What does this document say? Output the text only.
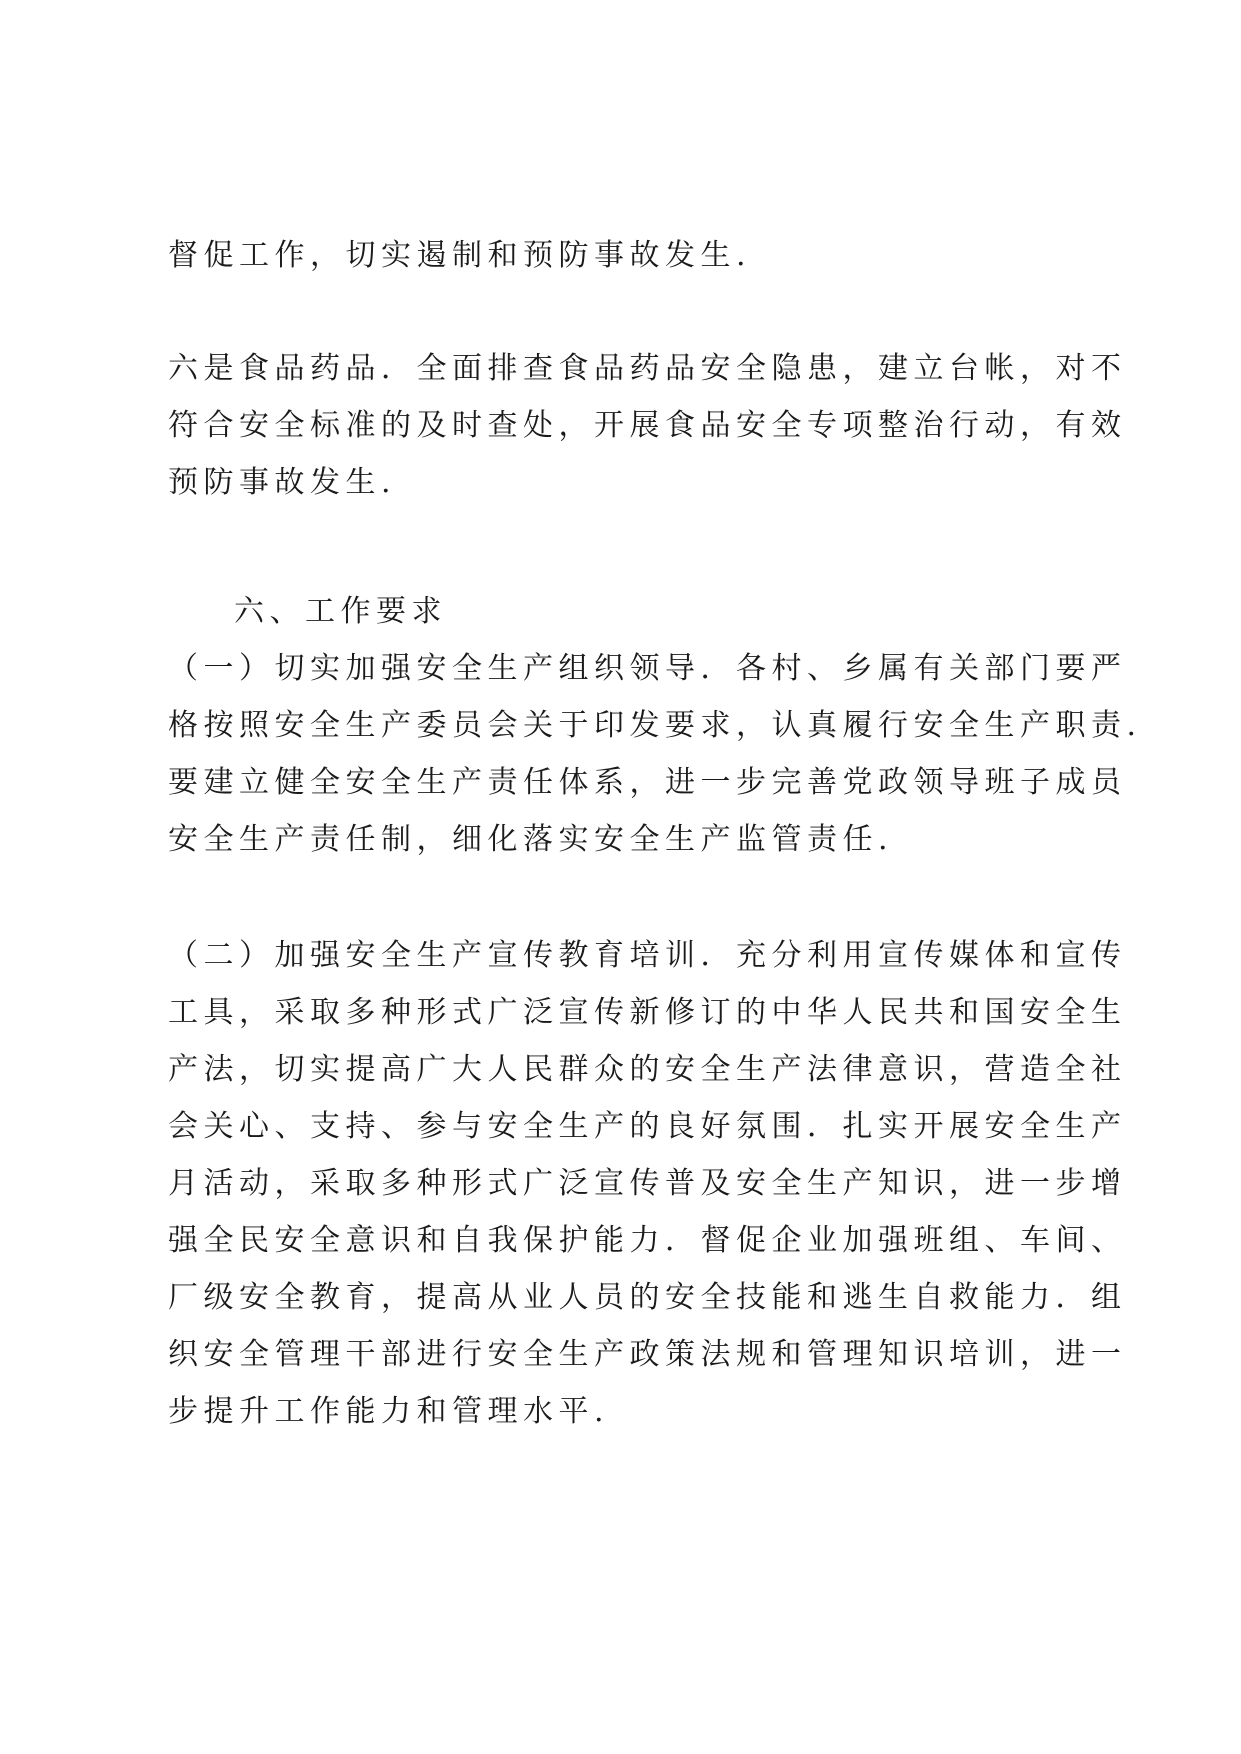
督促工作，切实遏制和预防事故发生.

六是食品药品．全面排查食品药品安全隐患，建立台帐，对不
符合安全标准的及时查处，开展食品安全专项整治行动，有效
预防事故发生.

六、工作要求

（一）切实加强安全生产组织领导．各村、乡属有关部门要严
格按照安全生产委员会关于印发要求，认真履行安全生产职责.
要建立健全安全生产责任体系，进一步完善党政领导班子成员
安全生产责任制，细化落实安全生产监管责任.

（二）加强安全生产宣传教育培训．充分利用宣传媒体和宣传
工具，采取多种形式广泛宣传新修订的中华人民共和国安全生
产法，切实提高广大人民群众的安全生产法律意识，营造全社
会关心、支持、参与安全生产的良好氛围．扎实开展安全生产
月活动，采取多种形式广泛宣传普及安全生产知识，进一步增
强全民安全意识和自我保护能力．督促企业加强班组、车间、
厂级安全教育，提高从业人员的安全技能和逃生自救能力．组
织安全管理干部进行安全生产政策法规和管理知识培训，进一
步提升工作能力和管理水平.
